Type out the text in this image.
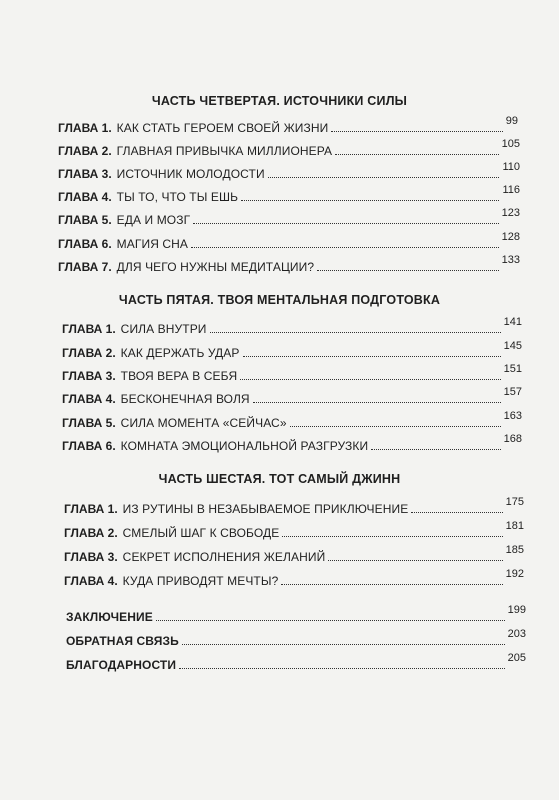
ЧАСТЬ ЧЕТВЕРТАЯ. ИСТОЧНИКИ СИЛЫ
ГЛАВА 1. КАК СТАТЬ ГЕРОЕМ СВОЕЙ ЖИЗНИ	99
ГЛАВА 2. ГЛАВНАЯ ПРИВЫЧКА МИЛЛИОНЕРА	105
ГЛАВА 3. ИСТОЧНИК МОЛОДОСТИ	110
ГЛАВА 4. ТЫ ТО, ЧТО ТЫ ЕШЬ	116
ГЛАВА 5. ЕДА И МОЗГ	123
ГЛАВА 6. МАГИЯ СНА	128
ГЛАВА 7. ДЛЯ ЧЕГО НУЖНЫ МЕДИТАЦИИ?	133
ЧАСТЬ ПЯТАЯ. ТВОЯ МЕНТАЛЬНАЯ ПОДГОТОВКА
ГЛАВА 1. СИЛА ВНУТРИ	141
ГЛАВА 2. КАК ДЕРЖАТЬ УДАР	145
ГЛАВА 3. ТВОЯ ВЕРА В СЕБЯ	151
ГЛАВА 4. БЕСКОНЕЧНАЯ ВОЛЯ	157
ГЛАВА 5. СИЛА МОМЕНТА «СЕЙЧАС»	163
ГЛАВА 6. КОМНАТА ЭМОЦИОНАЛЬНОЙ РАЗГРУЗКИ	168
ЧАСТЬ ШЕСТАЯ. ТОТ САМЫЙ ДЖИНН
ГЛАВА 1. ИЗ РУТИНЫ В НЕЗАБЫВАЕМОЕ ПРИКЛЮЧЕНИЕ	175
ГЛАВА 2. СМЕЛЫЙ ШАГ К СВОБОДЕ	181
ГЛАВА 3. СЕКРЕТ ИСПОЛНЕНИЯ ЖЕЛАНИЙ	185
ГЛАВА 4. КУДА ПРИВОДЯТ МЕЧТЫ?	192
ЗАКЛЮЧЕНИЕ	199
ОБРАТНАЯ СВЯЗЬ	203
БЛАГОДАРНОСТИ	205
